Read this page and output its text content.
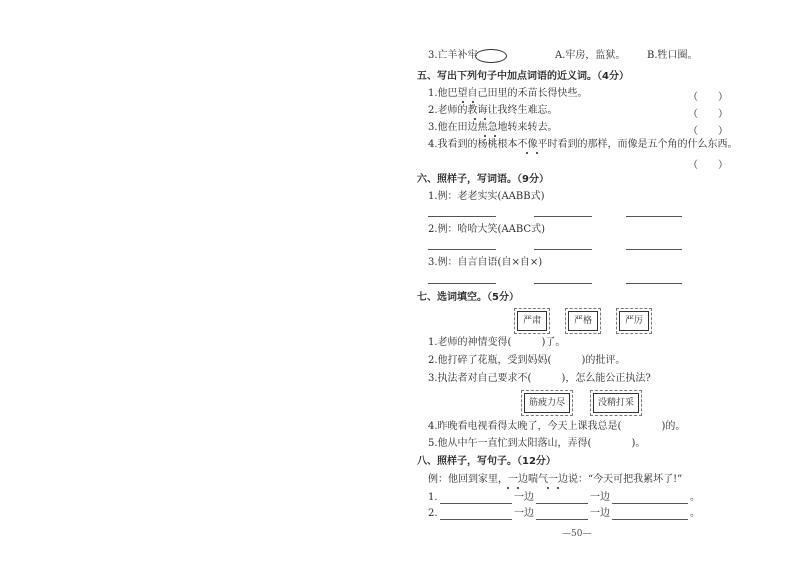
3.亡羊补牢	A.牢房，监狱。 B.牲口圈。
五、写出下列句子中加点词语的近义词。（4分）
1.他巴望自己田里的禾苗长得快些。	（　　）
2.老师的教诲让我终生难忘。	（　　）
3.他在田边焦急地转来转去。	（　　）
4.我看到的杨桃根本不像平时看到的那样，而像是五个角的什么东西。
（　　）
六、照样子，写词语。（9分）
1.例：老老实实(AABB式)
2.例：哈哈大笑(AABC式)
3.例：自言自语(自×自×)
七、选词填空。（5分）
严肃	严格	严厉
1.老师的神情变得(　　　)了。
2.他打碎了花瓶，受到妈妈(　　　)的批评。
3.执法者对自己要求不(　　　)，怎么能公正执法?
筋疲力尽	没精打采
4.昨晚看电视看得太晚了，今天上课我总是(　　　　)的。
5.他从中午一直忙到太阳落山，弄得(　　　　)。
八、照样子，写句子。（12分）
例：他回到家里，一边喘气一边说：“今天可把我累坏了!”
1.	一边	一边	。
2.	一边	一边	。
—50—
